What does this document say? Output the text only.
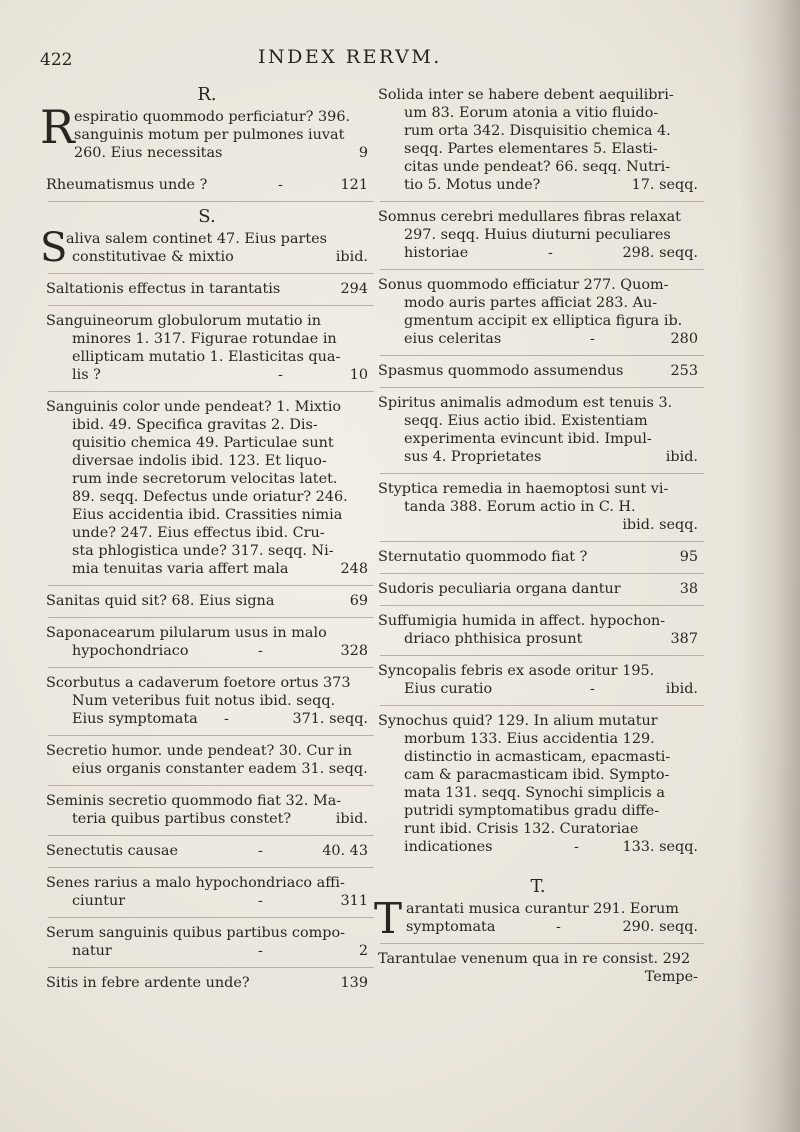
422	INDEX RERVM.
R.
R espiratio quommodo perficiatur? 396.
sanguinis motum per pulmones iuvat
260. Eius necessitas	9
Rheumatismus unde ?	-	121
S.
S
aliva salem continet 47. Eius partes
constitutivae & mixtio	ibid.
Saltationis effectus in tarantatis	294
Sanguineorum globulorum mutatio in
minores 1. 317. Figurae rotundae in
ellipticam mutatio 1. Elasticitas qua-
lis ?	-	10
Sanguinis color unde pendeat? 1. Mixtio
ibid. 49. Specifica gravitas 2. Dis-
quisitio chemica 49. Particulae sunt
diversae indolis ibid. 123. Et liquo-
rum inde secretorum velocitas latet.
89. seqq. Defectus unde oriatur? 246.
Eius accidentia ibid. Crassities nimia
unde? 247. Eius effectus ibid. Cru-
sta phlogistica unde? 317. seqq. Ni-
mia tenuitas varia affert mala	248
Sanitas quid sit? 68. Eius signa	69
Saponacearum pilularum usus in malo
hypochondriaco	-	328
Scorbutus a cadaverum foetore ortus 373
Num veteribus fuit notus ibid. seqq.
Eius symptomata -	371. seqq.
Secretio humor. unde pendeat? 30. Cur in
eius organis constanter eadem 31. seqq.
Seminis secretio quommodo fiat 32. Ma-
teria quibus partibus constet?	ibid.
Senectutis causae	-	40. 43
Senes rarius a malo hypochondriaco affi-
ciuntur	-	311
Serum sanguinis quibus partibus compo-
natur	-	2
Sitis in febre ardente unde?	139
Solida inter se habere debent aequilibri-
um 83. Eorum atonia a vitio fluido-
rum orta 342. Disquisitio chemica 4.
seqq. Partes elementares 5. Elasti-
citas unde pendeat? 66. seqq. Nutri-
tio 5. Motus unde?	17. seqq.
Somnus cerebri medullares fibras relaxat
297. seqq. Huius diuturni peculiares
historiae	-	298. seqq.
Sonus quommodo efficiatur 277. Quom-
modo auris partes afficiat 283. Au-
gmentum accipit ex elliptica figura ib.
eius celeritas	-	280
Spasmus quommodo assumendus	253
Spiritus animalis admodum est tenuis 3.
seqq. Eius actio ibid. Existentiam
experimenta evincunt ibid. Impul-
sus 4. Proprietates	ibid.
Styptica remedia in haemoptosi sunt vi-
tanda 388. Eorum actio in C. H.
ibid. seqq.
Sternutatio quommodo fiat ?	95
Sudoris peculiaria organa dantur	38
Suffumigia humida in affect. hypochon-
driaco phthisica prosunt	387
Syncopalis febris ex asode oritur 195.
Eius curatio	-	ibid.
Synochus quid? 129. In alium mutatur
morbum 133. Eius accidentia 129.
distinctio in acmasticam, epacmasti-
cam & paracmasticam ibid. Sympto-
mata 131. seqq. Synochi simplicis a
putridi symptomatibus gradu diffe-
runt ibid. Crisis 132. Curatoriae
indicationes	-	133. seqq.
T.
T arantati musica curantur 291. Eorum
symptomata	-	290. seqq.
Tarantulae venenum qua in re consist. 292
Tempe-
